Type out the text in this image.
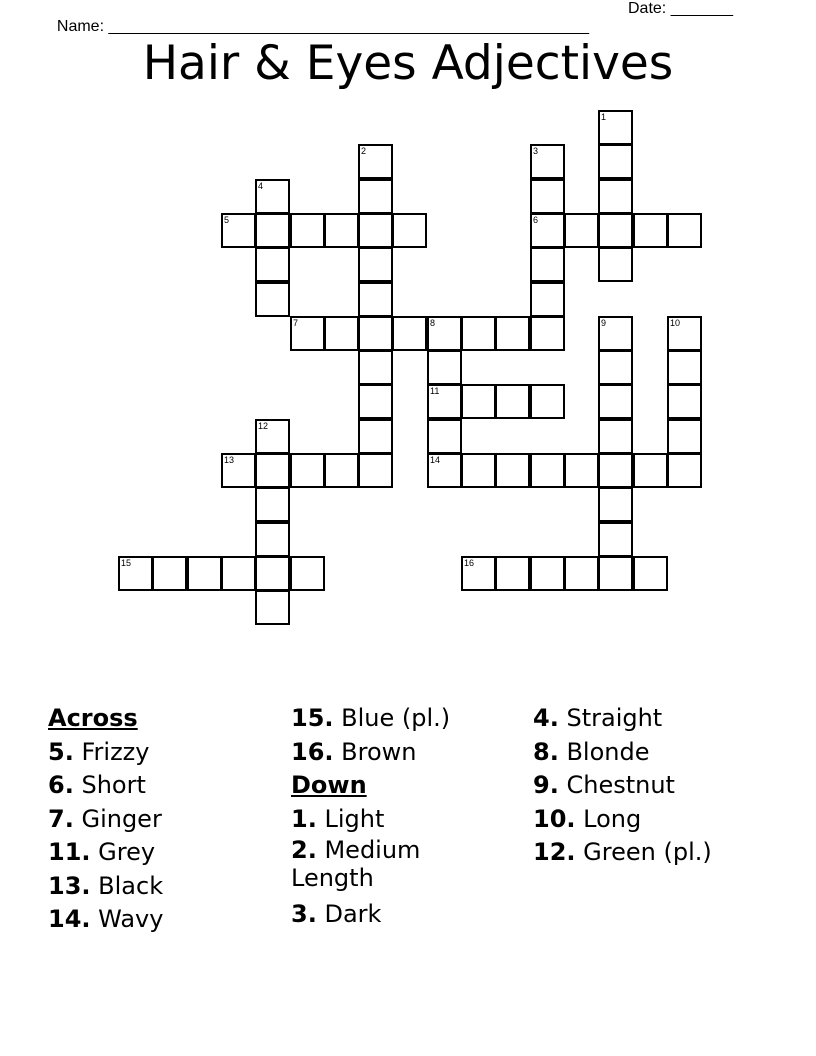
Name: ______________________________________________________

Date: _______

Hair & Eyes Adjectives
1
2	3
6
4
5
7	8
11
14
9	10
12
13
15	16
Across
5. Frizzy
6. Short
7. Ginger
11. Grey
13. Black
14. Wavy
15. Blue (pl.)
16. Brown
Down
1. Light
2. Medium Length
3. Dark
4. Straight
8. Blonde
9. Chestnut
10. Long
12. Green (pl.)
